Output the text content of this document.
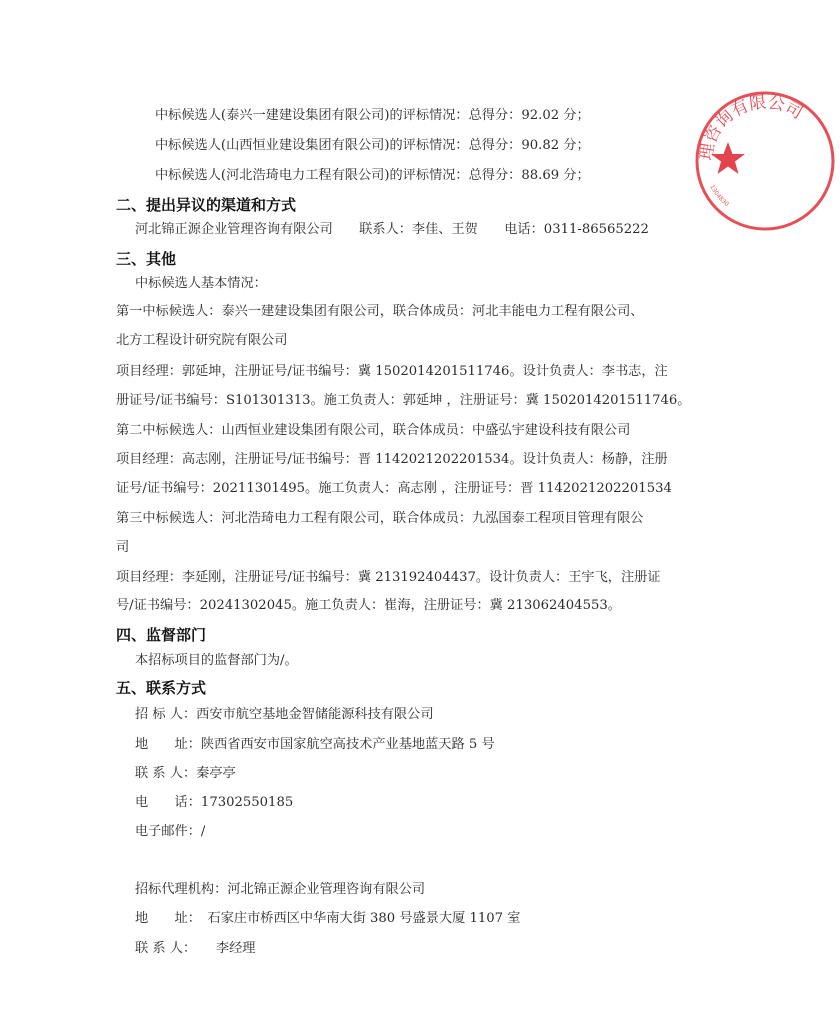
理咨询有限公司
1304830
中标候选人(泰兴一建建设集团有限公司)的评标情况：总得分：92.02 分；
中标候选人(山西恒业建设集团有限公司)的评标情况：总得分：90.82 分；
中标候选人(河北浩琦电力工程有限公司)的评标情况：总得分：88.69 分；
二、提出异议的渠道和方式
河北锦正源企业管理咨询有限公司　　联系人：李佳、王贺　　电话：0311-86565222
三、其他
中标候选人基本情况：
第一中标候选人：泰兴一建建设集团有限公司，联合体成员：河北丰能电力工程有限公司、
北方工程设计研究院有限公司
项目经理：郭延坤，注册证号/证书编号：冀 1502014201511746。设计负责人：李书志，注
册证号/证书编号：S101301313。施工负责人：郭延坤 ，注册证号：冀 1502014201511746。
第二中标候选人：山西恒业建设集团有限公司，联合体成员：中盛弘宇建设科技有限公司
项目经理：高志刚，注册证号/证书编号：晋 1142021202201534。设计负责人：杨静，注册
证号/证书编号：20211301495。施工负责人：高志刚 ，注册证号：晋 1142021202201534
第三中标候选人：河北浩琦电力工程有限公司，联合体成员：九泓国泰工程项目管理有限公
司
项目经理：李延刚，注册证号/证书编号：冀 213192404437。设计负责人：王宇飞，注册证
号/证书编号：20241302045。施工负责人：崔海，注册证号：冀 213062404553。
四、监督部门
本招标项目的监督部门为/。
五、联系方式
招 标 人：西安市航空基地金智储能源科技有限公司
地　　址：陕西省西安市国家航空高技术产业基地蓝天路 5 号
联 系 人：秦亭亭
电　　话：17302550185
电子邮件：/
招标代理机构：河北锦正源企业管理咨询有限公司
地　　址：　石家庄市桥西区中华南大街 380 号盛景大厦 1107 室
联 系 人：　　李经理
